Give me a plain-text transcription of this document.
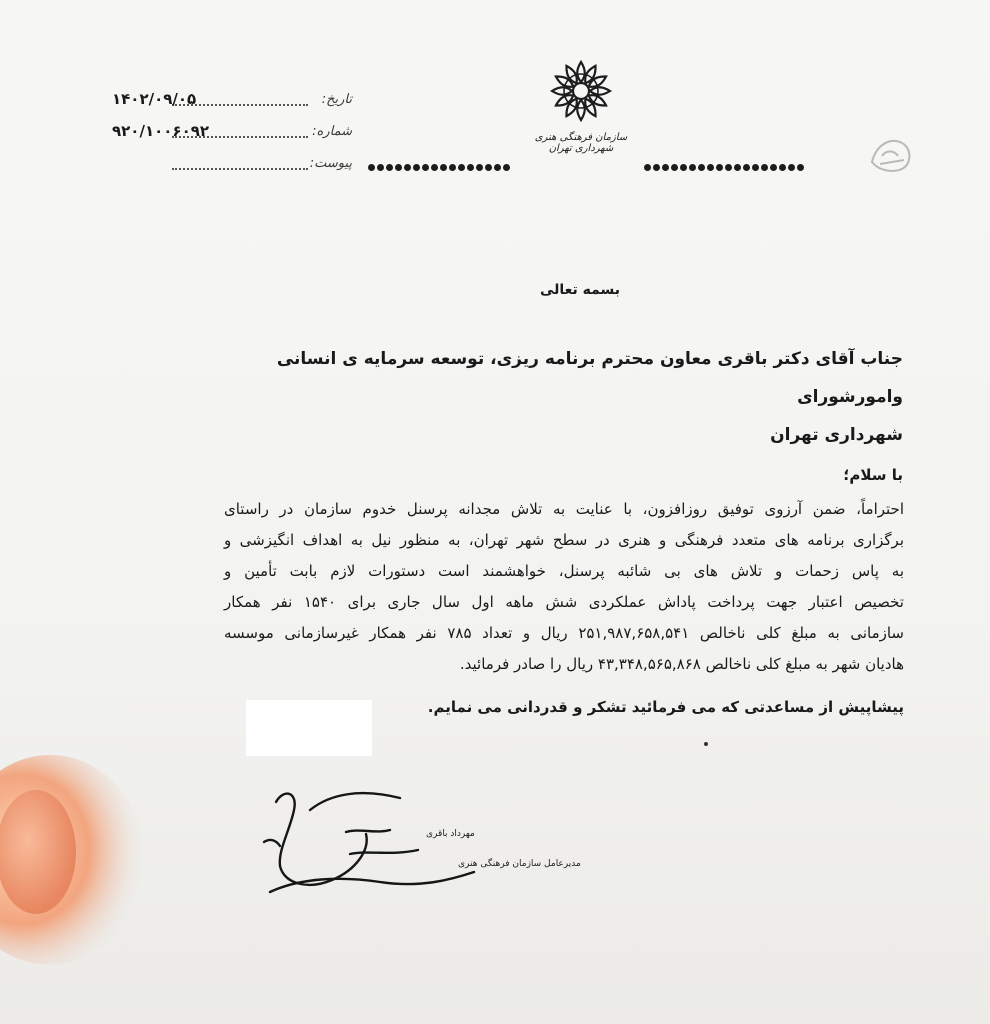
تاریخ:
۱۴۰۲/۰۹/۰۵
شماره:
۹۲۰/۱۰۰۶۰۹۲
پیوست:
سازمان فرهنگی هنری شهرداری تهران
بسمه تعالی
جناب آقای دکتر باقری معاون محترم برنامه ریزی، توسعه سرمایه ی انسانی وامورشورای
شهرداری تهران
با سلام؛
احتراماً، ضمن آرزوی توفیق روزافزون، با عنایت به تلاش مجدانه پرسنل خدوم سازمان در راستای
برگزاری برنامه های متعدد فرهنگی و هنری در سطح شهر تهران، به منظور نیل به اهداف انگیزشی و
به پاس زحمات و تلاش های بی شائبه پرسنل، خواهشمند است دستورات لازم بابت تأمین و
تخصیص اعتبار جهت پرداخت پاداش عملکردی شش ماهه اول سال جاری برای ۱۵۴۰ نفر همکار
سازمانی به مبلغ کلی ناخالص ۲۵۱,۹۸۷,۶۵۸,۵۴۱ ریال و تعداد ۷۸۵ نفر همکار غیرسازمانی موسسه
هادیان شهر به مبلغ کلی ناخالص ۴۳,۳۴۸,۵۶۵,۸۶۸ ریال را صادر فرمائید.
پیشاپیش از مساعدتی که می فرمائید تشکر و قدردانی می نمایم.
مهرداد باقری
مدیرعامل سازمان فرهنگی هنری
